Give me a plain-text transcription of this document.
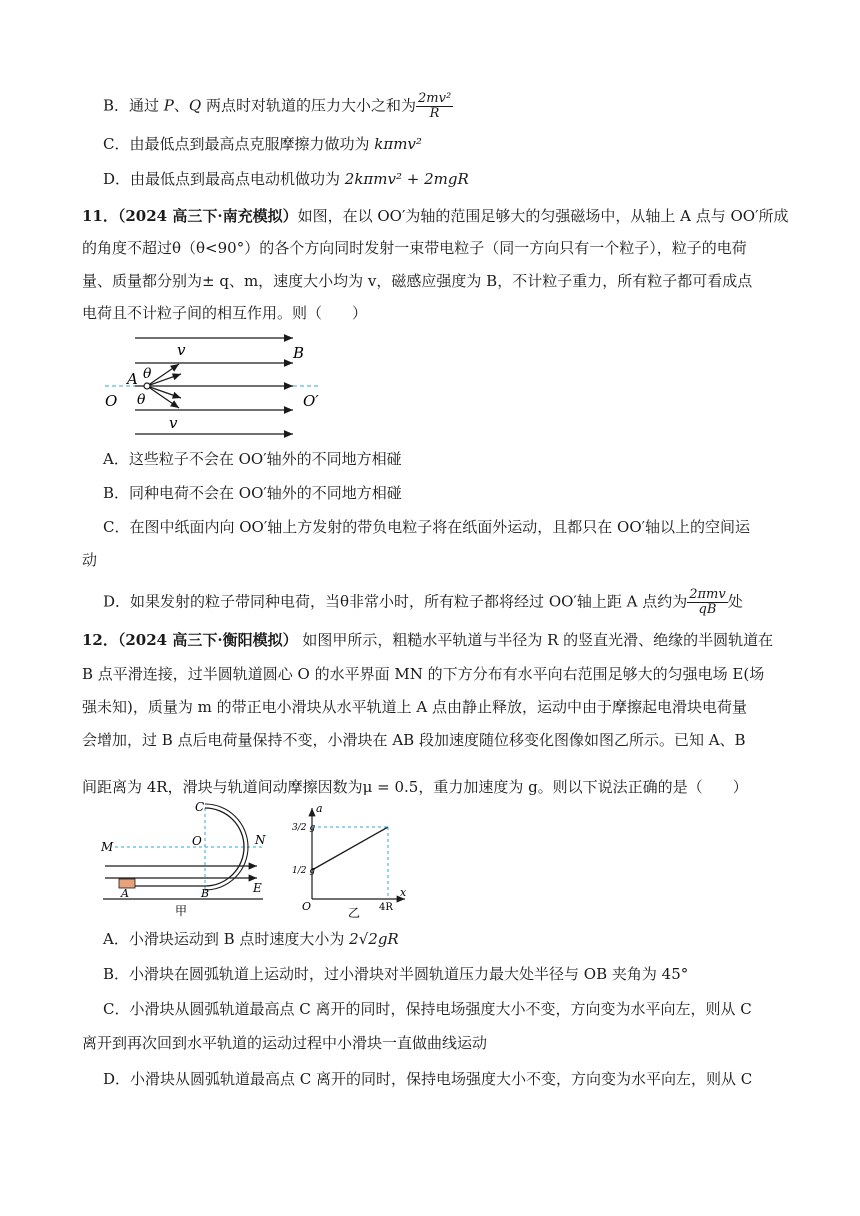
B．通过 P、Q 两点时对轨道的压力大小之和为 $\frac{\text{2mv²}}{R}$
C．由最低点到最高点克服摩擦力做功为 kπmv²
D．由最低点到最高点电动机做功为 2kπmv² + 2mgR
11．（2024 高三下·南充模拟）如图，在以 OO′为轴的范围足够大的匀强磁场中，从轴上 A 点与 OO′所成
的角度不超过θ（θ<90°）的各个方向同时发射一束带电粒子（同一方向只有一个粒子），粒子的电荷
量、质量都分别为± q、m，速度大小均为 v，磁感应强度为 B，不计粒子重力，所有粒子都可看成点
电荷且不计粒子间的相互作用。则（　　）
v	B
A θ
O θ	O′
v
A．这些粒子不会在 OO′轴外的不同地方相碰
B．同种电荷不会在 OO′轴外的不同地方相碰
C．在图中纸面内向 OO′轴上方发射的带负电粒子将在纸面外运动，且都只在 OO′轴以上的空间运
动
D．如果发射的粒子带同种电荷，当θ非常小时，所有粒子都将经过 OO′轴上距 A 点约为 $\frac{\text{2πmv}}{qB}$ 处
12．（2024 高三下·衡阳模拟） 如图甲所示，粗糙水平轨道与半径为 R 的竖直光滑、绝缘的半圆轨道在
B 点平滑连接，过半圆轨道圆心 O 的水平界面 MN 的下方分布有水平向右范围足够大的匀强电场 E(场
强未知)，质量为 m 的带正电小滑块从水平轨道上 A 点由静止释放，运动中由于摩擦起电滑块电荷量
会增加，过 B 点后电荷量保持不变，小滑块在 AB 段加速度随位移变化图像如图乙所示。已知 A、B
间距离为 4R，滑块与轨道间动摩擦因数为μ = 0.5，重力加速度为 g。则以下说法正确的是（　　）
C
O
M	N
E
A	B
甲
a
3/2 g
1/2 g
O	4R
x
乙
A．小滑块运动到 B 点时速度大小为 2√2gR
B．小滑块在圆弧轨道上运动时，过小滑块对半圆轨道压力最大处半径与 OB 夹角为 45°
C．小滑块从圆弧轨道最高点 C 离开的同时，保持电场强度大小不变，方向变为水平向左，则从 C
离开到再次回到水平轨道的运动过程中小滑块一直做曲线运动
D．小滑块从圆弧轨道最高点 C 离开的同时，保持电场强度大小不变，方向变为水平向左，则从 C
